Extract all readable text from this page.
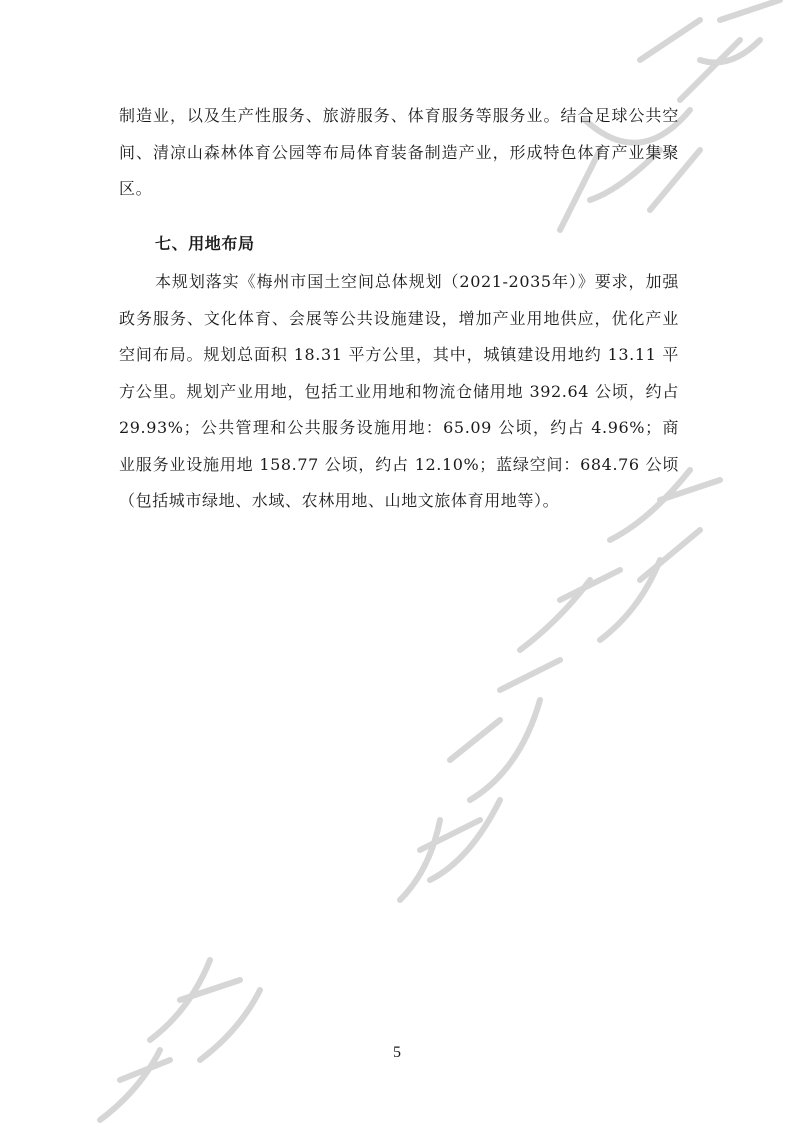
制造业，以及生产性服务、旅游服务、体育服务等服务业。结合足球公共空间、清凉山森林体育公园等布局体育装备制造产业，形成特色体育产业集聚区。
七、用地布局
本规划落实《梅州市国土空间总体规划（2021-2035年）》要求，加强政务服务、文化体育、会展等公共设施建设，增加产业用地供应，优化产业空间布局。规划总面积 18.31 平方公里，其中，城镇建设用地约 13.11 平方公里。规划产业用地，包括工业用地和物流仓储用地 392.64 公顷，约占 29.93%；公共管理和公共服务设施用地：65.09 公顷，约占 4.96%；商业服务业设施用地 158.77 公顷，约占 12.10%；蓝绿空间：684.76 公顷（包括城市绿地、水域、农林用地、山地文旅体育用地等）。
5
